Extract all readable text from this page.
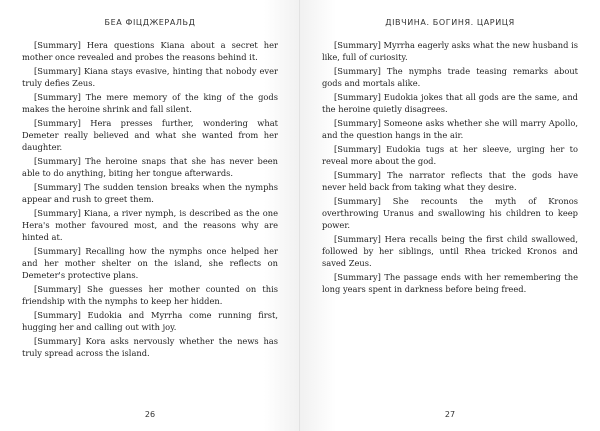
БЕА ФІЦДЖЕРАЛЬД

[Summary] Hera questions Kiana about a secret her mother once revealed and probes the reasons behind it.

[Summary] Kiana stays evasive, hinting that nobody ever truly defies Zeus.

[Summary] The mere memory of the king of the gods makes the heroine shrink and fall silent.

[Summary] Hera presses further, wondering what Demeter really believed and what she wanted from her daughter.

[Summary] The heroine snaps that she has never been able to do anything, biting her tongue afterwards.

[Summary] The sudden tension breaks when the nymphs appear and rush to greet them.

[Summary] Kiana, a river nymph, is described as the one Hera's mother favoured most, and the reasons why are hinted at.

[Summary] Recalling how the nymphs once helped her and her mother shelter on the island, she reflects on Demeter's protective plans.

[Summary] She guesses her mother counted on this friendship with the nymphs to keep her hidden.

[Summary] Eudokia and Myrrha come running first, hugging her and calling out with joy.

[Summary] Kora asks nervously whether the news has truly spread across the island.

26
ДІВЧИНА. БОГИНЯ. ЦАРИЦЯ

[Summary] Myrrha eagerly asks what the new husband is like, full of curiosity.

[Summary] The nymphs trade teasing remarks about gods and mortals alike.

[Summary] Eudokia jokes that all gods are the same, and the heroine quietly disagrees.

[Summary] Someone asks whether she will marry Apollo, and the question hangs in the air.

[Summary] Eudokia tugs at her sleeve, urging her to reveal more about the god.

[Summary] The narrator reflects that the gods have never held back from taking what they desire.

[Summary] She recounts the myth of Kronos overthrowing Uranus and swallowing his children to keep power.

[Summary] Hera recalls being the first child swallowed, followed by her siblings, until Rhea tricked Kronos and saved Zeus.

[Summary] The passage ends with her remembering the long years spent in darkness before being freed.

27
